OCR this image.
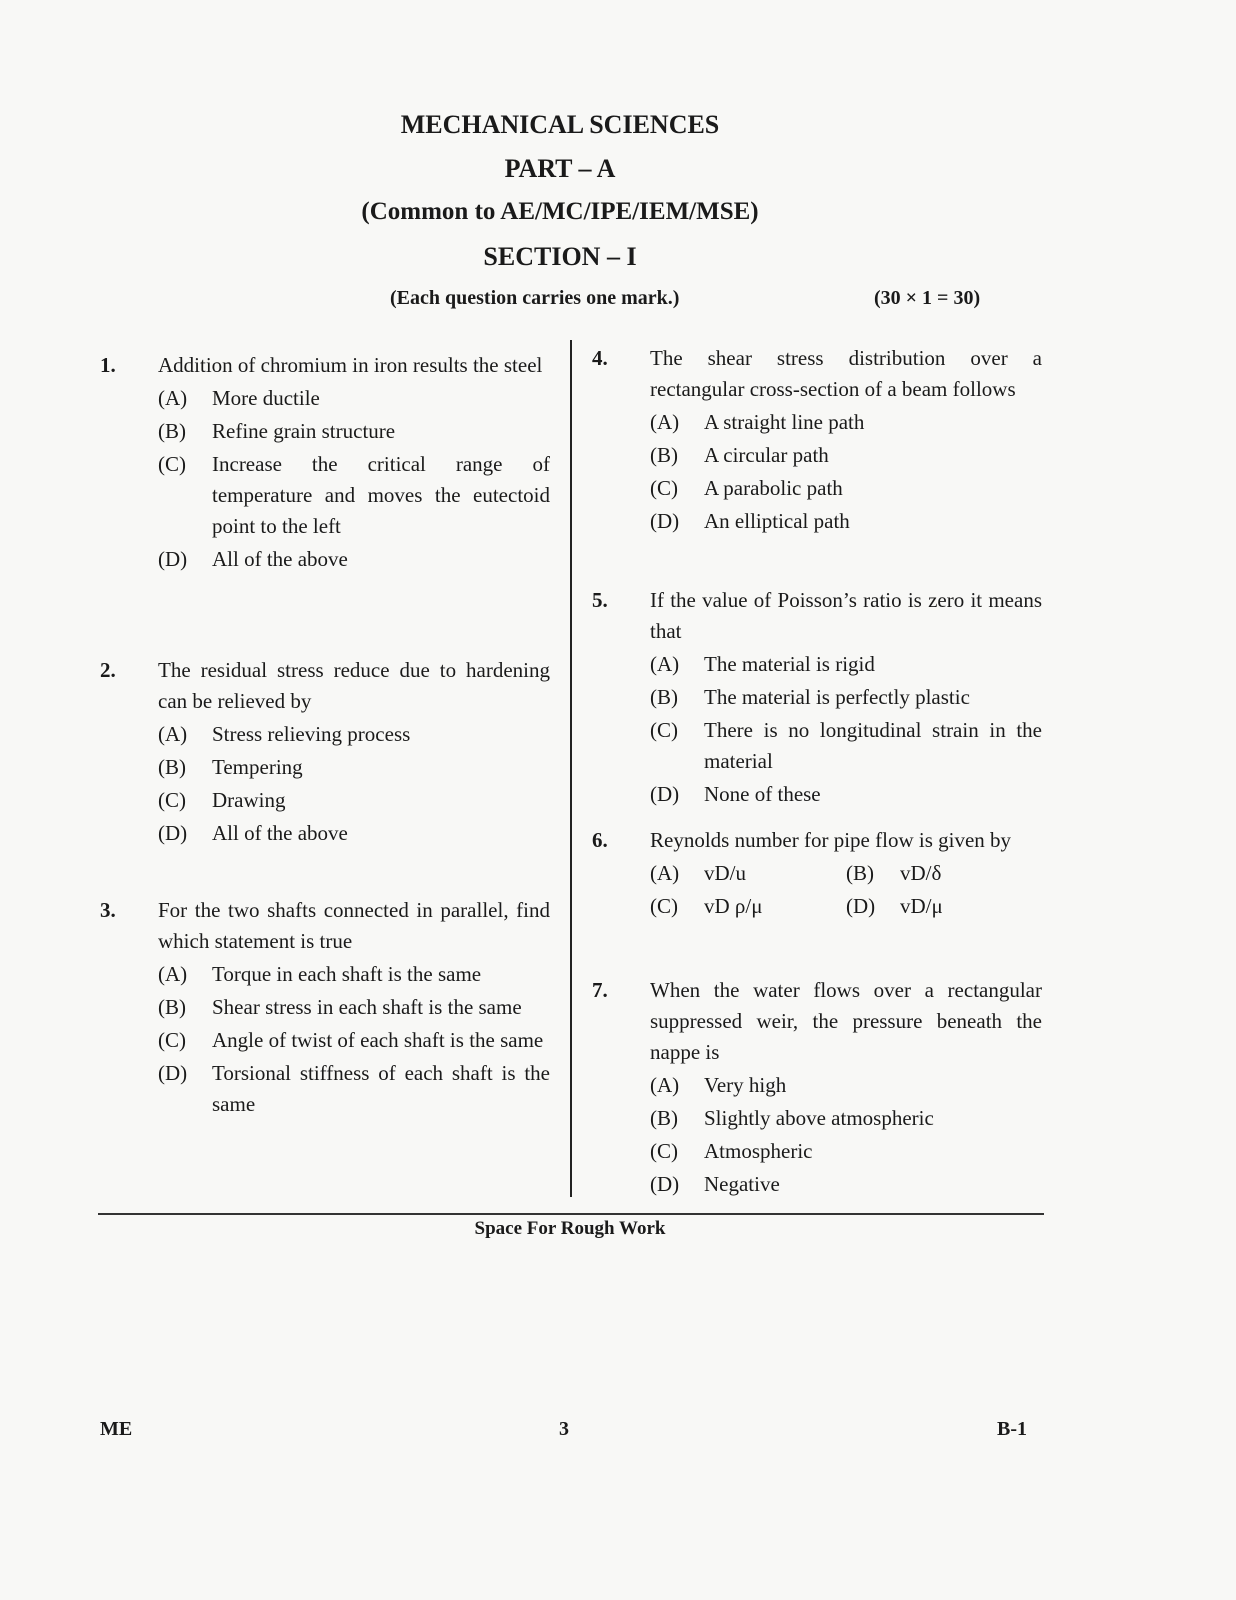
MECHANICAL SCIENCES
PART – A
(Common to AE/MC/IPE/IEM/MSE)
SECTION – I
(Each question carries one mark.)	(30 × 1 = 30)
1. Addition of chromium in iron results the steel
(A)	More ductile
(B)	Refine grain structure
(C)	Increase the critical range of temperature and moves the eutectoid point to the left
(D)	All of the above
2. The residual stress reduce due to hardening can be relieved by
(A)	Stress relieving process
(B)	Tempering
(C)	Drawing
(D)	All of the above
3. For the two shafts connected in parallel, find which statement is true
(A)	Torque in each shaft is the same
(B)	Shear stress in each shaft is the same
(C)	Angle of twist of each shaft is the same
(D)	Torsional stiffness of each shaft is the same
4. The shear stress distribution over a rectangular cross-section of a beam follows
(A)	A straight line path
(B)	A circular path
(C)	A parabolic path
(D)	An elliptical path
5. If the value of Poisson’s ratio is zero it means that
(A)	The material is rigid
(B)	The material is perfectly plastic
(C)	There is no longitudinal strain in the material
(D)	None of these
6. Reynolds number for pipe flow is given by
(A)	vD/u	(B)	vD/δ
(C)	vD ρ/μ	(D)	vD/μ
7. When the water flows over a rectangular suppressed weir, the pressure beneath the nappe is
(A)	Very high
(B)	Slightly above atmospheric
(C)	Atmospheric
(D)	Negative
Space For Rough Work
ME	3	B-1
